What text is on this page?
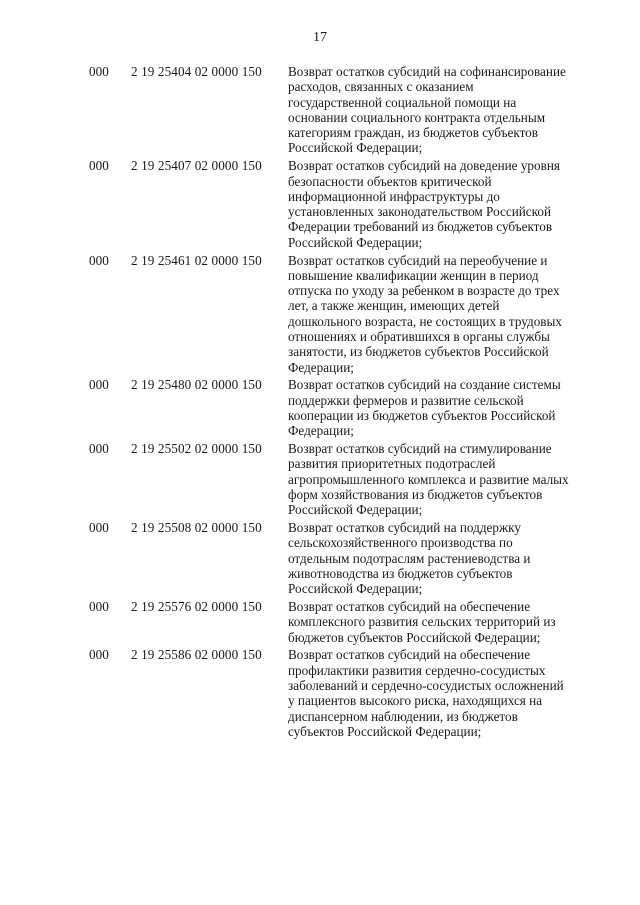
17
000 2 19 25404 02 0000 150 Возврат остатков субсидий на софинансирование
расходов, связанных с оказанием
государственной социальной помощи на
основании социального контракта отдельным
категориям граждан, из бюджетов субъектов
Российской Федерации;
000 2 19 25407 02 0000 150 Возврат остатков субсидий на доведение уровня
безопасности объектов критической
информационной инфраструктуры до
установленных законодательством Российской
Федерации требований из бюджетов субъектов
Российской Федерации;
000 2 19 25461 02 0000 150 Возврат остатков субсидий на переобучение и
повышение квалификации женщин в период
отпуска по уходу за ребенком в возрасте до трех
лет, а также женщин, имеющих детей
дошкольного возраста, не состоящих в трудовых
отношениях и обратившихся в органы службы
занятости, из бюджетов субъектов Российской
Федерации;
000 2 19 25480 02 0000 150 Возврат остатков субсидий на создание системы
поддержки фермеров и развитие сельской
кооперации из бюджетов субъектов Российской
Федерации;
000 2 19 25502 02 0000 150 Возврат остатков субсидий на стимулирование
развития приоритетных подотраслей
агропромышленного комплекса и развитие малых
форм хозяйствования из бюджетов субъектов
Российской Федерации;
000 2 19 25508 02 0000 150 Возврат остатков субсидий на поддержку
сельскохозяйственного производства по
отдельным подотраслям растениеводства и
животноводства из бюджетов субъектов
Российской Федерации;
000 2 19 25576 02 0000 150 Возврат остатков субсидий на обеспечение
комплексного развития сельских территорий из
бюджетов субъектов Российской Федерации;
000 2 19 25586 02 0000 150 Возврат остатков субсидий на обеспечение
профилактики развития сердечно-сосудистых
заболеваний и сердечно-сосудистых осложнений
у пациентов высокого риска, находящихся на
диспансерном наблюдении, из бюджетов
субъектов Российской Федерации;
